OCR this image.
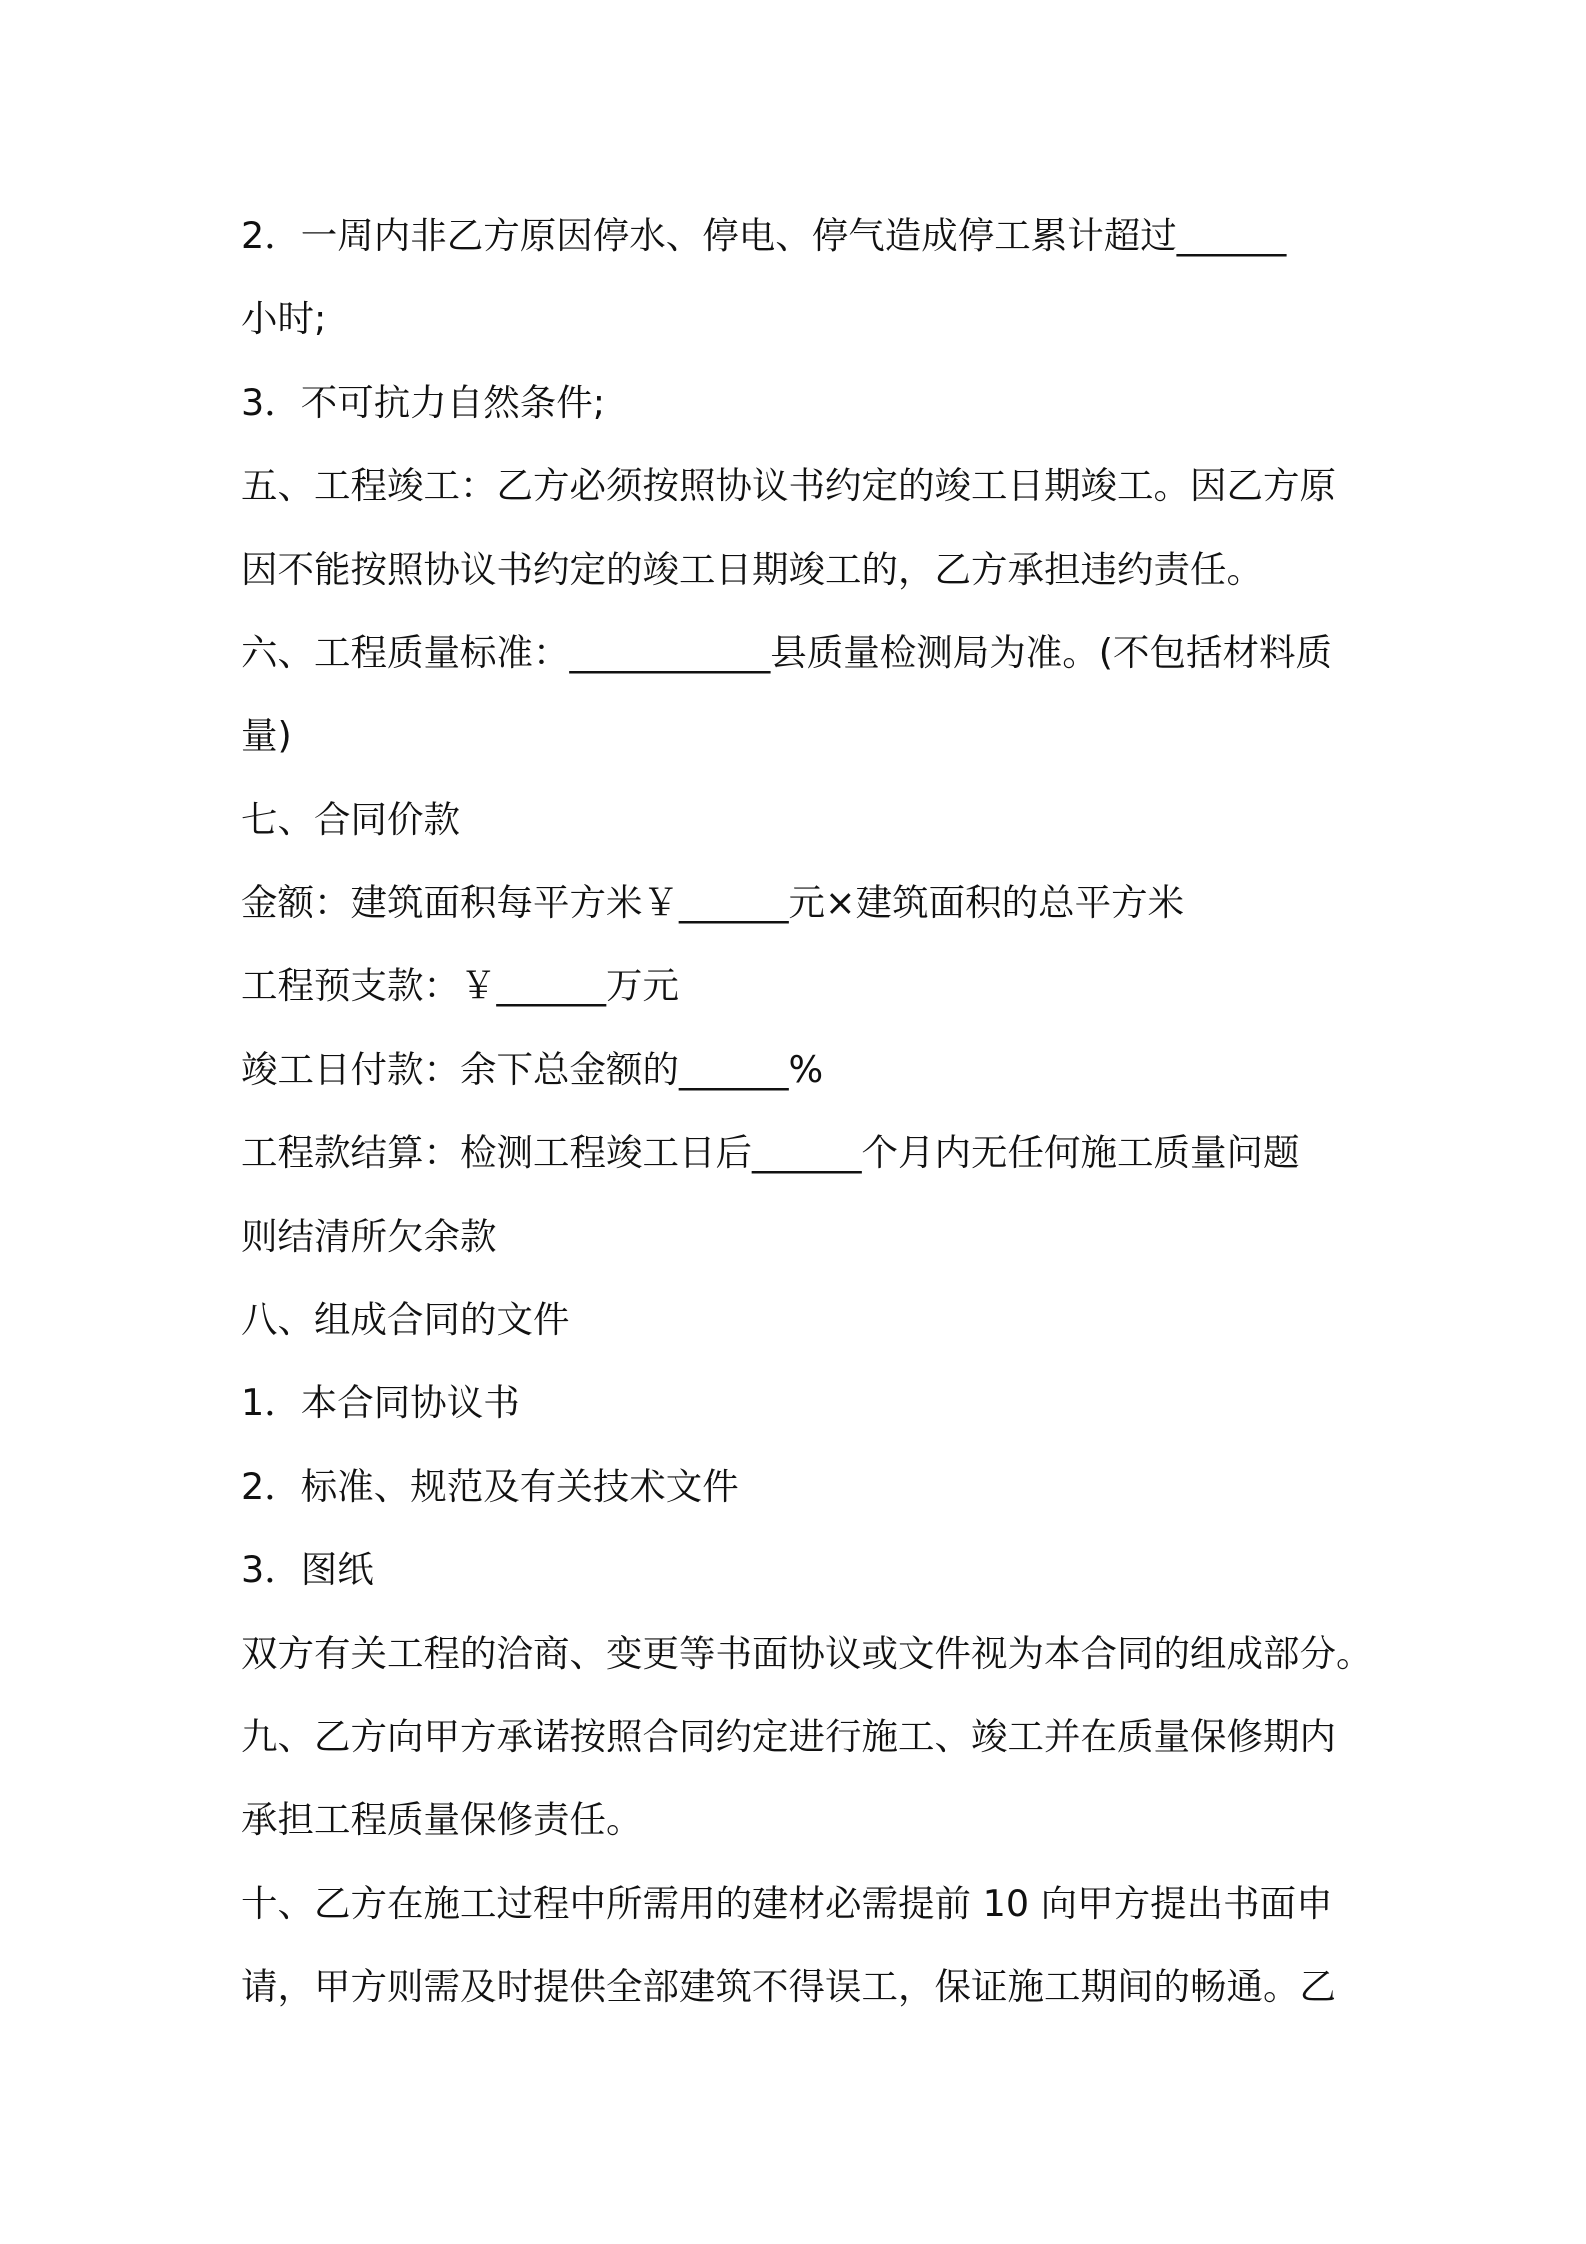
2．一周内非乙方原因停水、停电、停气造成停工累计超过______
小时;
3．不可抗力自然条件;
五、工程竣工：乙方必须按照协议书约定的竣工日期竣工。因乙方原
因不能按照协议书约定的竣工日期竣工的，乙方承担违约责任。
六、工程质量标准：___________县质量检测局为准。(不包括材料质
量)
七、合同价款
金额：建筑面积每平方米￥______元×建筑面积的总平方米
工程预支款：￥______万元
竣工日付款：余下总金额的______%
工程款结算：检测工程竣工日后______个月内无任何施工质量问题
则结清所欠余款
八、组成合同的文件
1．本合同协议书
2．标准、规范及有关技术文件
3．图纸
双方有关工程的洽商、变更等书面协议或文件视为本合同的组成部分。
九、乙方向甲方承诺按照合同约定进行施工、竣工并在质量保修期内
承担工程质量保修责任。
十、乙方在施工过程中所需用的建材必需提前 10 向甲方提出书面申
请，甲方则需及时提供全部建筑不得误工，保证施工期间的畅通。乙
